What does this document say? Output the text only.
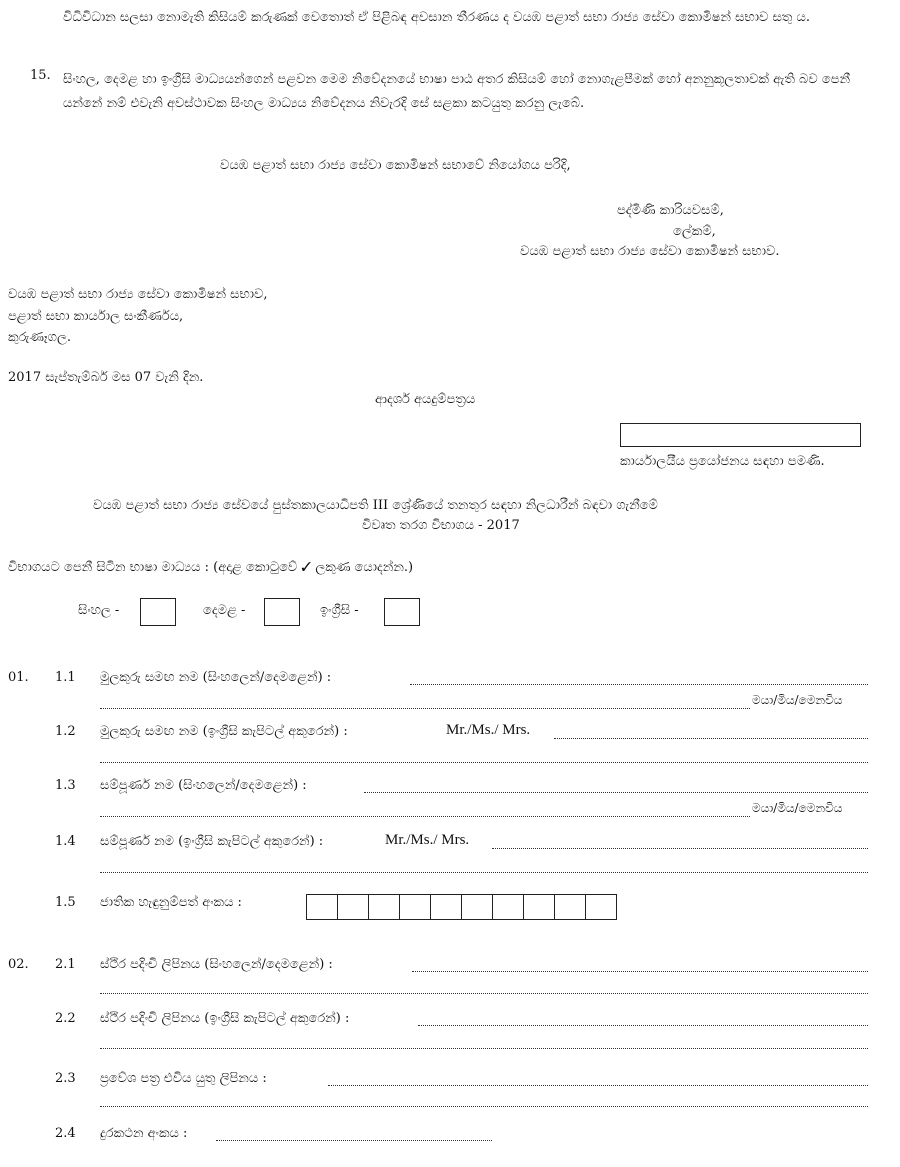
විධිවිධාන සලසා නොමැති කිසියම් කරුණක් වෙතොත් ඒ පිළිබඳ අවසාන තීරණය ද වයඹ පළාත් සභා රාජ්‍ය සේවා කොමිෂන් සභාව සතු ය.
15. සිංහල, දෙමළ හා ඉංග්‍රීසි මාධ්‍යයන්ගෙන් පළවන මෙම නිවේදනයේ භාෂා පාඨ අතර කිසියම් හෝ නොගැළපීමක් හෝ අනනුකූලතාවක් ඇති බව පෙනී යන්නේ නම් එවැනි අවස්ථාවක සිංහල මාධ්‍යය නිවේදනය නිවැරදි සේ සළකා කටයුතු කරනු ලැබේ.
වයඹ පළාත් සභා රාජ්‍ය සේවා කොමිෂන් සභාවේ නියෝගය පරිදි,
පද්මිණි කාරියවසම්,
ලේකම්,
වයඹ පළාත් සභා රාජ්‍ය සේවා කොමිෂන් සභාව.
වයඹ පළාත් සභා රාජ්‍ය සේවා කොමිෂන් සභාව,
පළාත් සභා කාර්යාල සංකීර්ණය,
කුරුණෑගල.
2017 සැප්තැම්බර් මස 07 වැනි දින.
ආදර්ශ අයදුම්පත්‍රය
කාර්යාලයීය ප්‍රයෝජනය සඳහා පමණි.
වයඹ පළාත් සභා රාජ්‍ය සේවයේ පුස්තකාලයාධිපති III ශ්‍රේණියේ තනතුර සඳහා නිලධාරීන් බඳවා ගැනීමේ
විවෘත තරග විභාගය - 2017
විභාගයට පෙනී සිටින භාෂා මාධ්‍යය : (අදාළ කොටුවේ ✓ ලකුණ යොදන්න.)
සිංහල -	දෙමළ -	ඉංග්‍රීසි -
01. 1.1 මුලකුරු සමඟ නම (සිංහලෙන්/දෙමළෙන්) :
මයා/මිය/මෙනවිය
1.2 මුලකුරු සමඟ නම (ඉංග්‍රීසි කැපිටල් අකුරෙන්) :	Mr./Ms./ Mrs.
1.3 සම්පූර්ණ නම (සිංහලෙන්/දෙමළෙන්) :
මයා/මිය/මෙනවිය
1.4 සම්පූර්ණ නම (ඉංග්‍රීසි කැපිටල් අකුරෙන්) :	Mr./Ms./ Mrs.
1.5 ජාතික හැඳුනුම්පත් අංකය :
02. 2.1 ස්ථිර පදිංචි ලිපිනය (සිංහලෙන්/දෙමළෙන්) :
2.2 ස්ථිර පදිංචි ලිපිනය (ඉංග්‍රීසි කැපිටල් අකුරෙන්) :
2.3 ප්‍රවේශ පත්‍ර එවිය යුතු ලිපිනය :
2.4 දුරකථන අංකය :
